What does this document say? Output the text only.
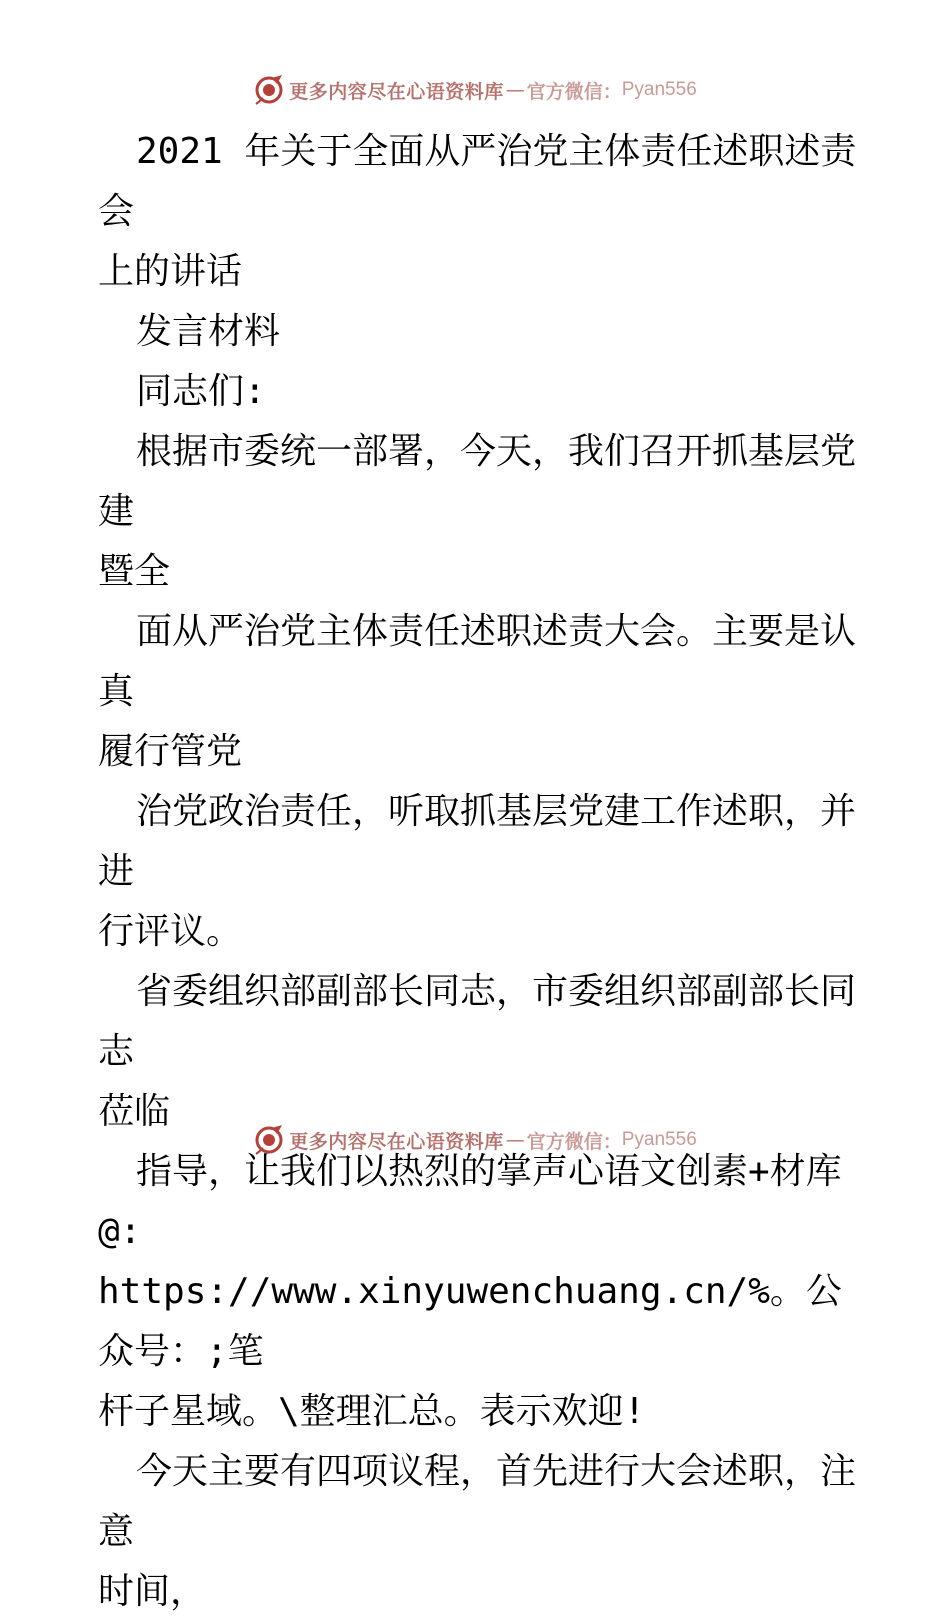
更多内容尽在心语资料库 — 官方微信： Pyan556

2021 年关于全面从严治党主体责任述职述责会

上的讲话

发言材料

同志们:

根据市委统一部署，今天，我们召开抓基层党建

暨全

面从严治党主体责任述职述责大会。主要是认真

履行管党

治党政治责任，听取抓基层党建工作述职，并进

行评议。

省委组织部副部长同志，市委组织部副部长同志

莅临

指导，让我们以热烈的掌声心语文创素+材库@:

https://www.xinyuwenchuang.cn/%。公众号：;笔

杆子星域。\整理汇总。表示欢迎!

今天主要有四项议程，首先进行大会述职，注意

时间，

更多内容尽在心语资料库 — 官方微信： Pyan556
